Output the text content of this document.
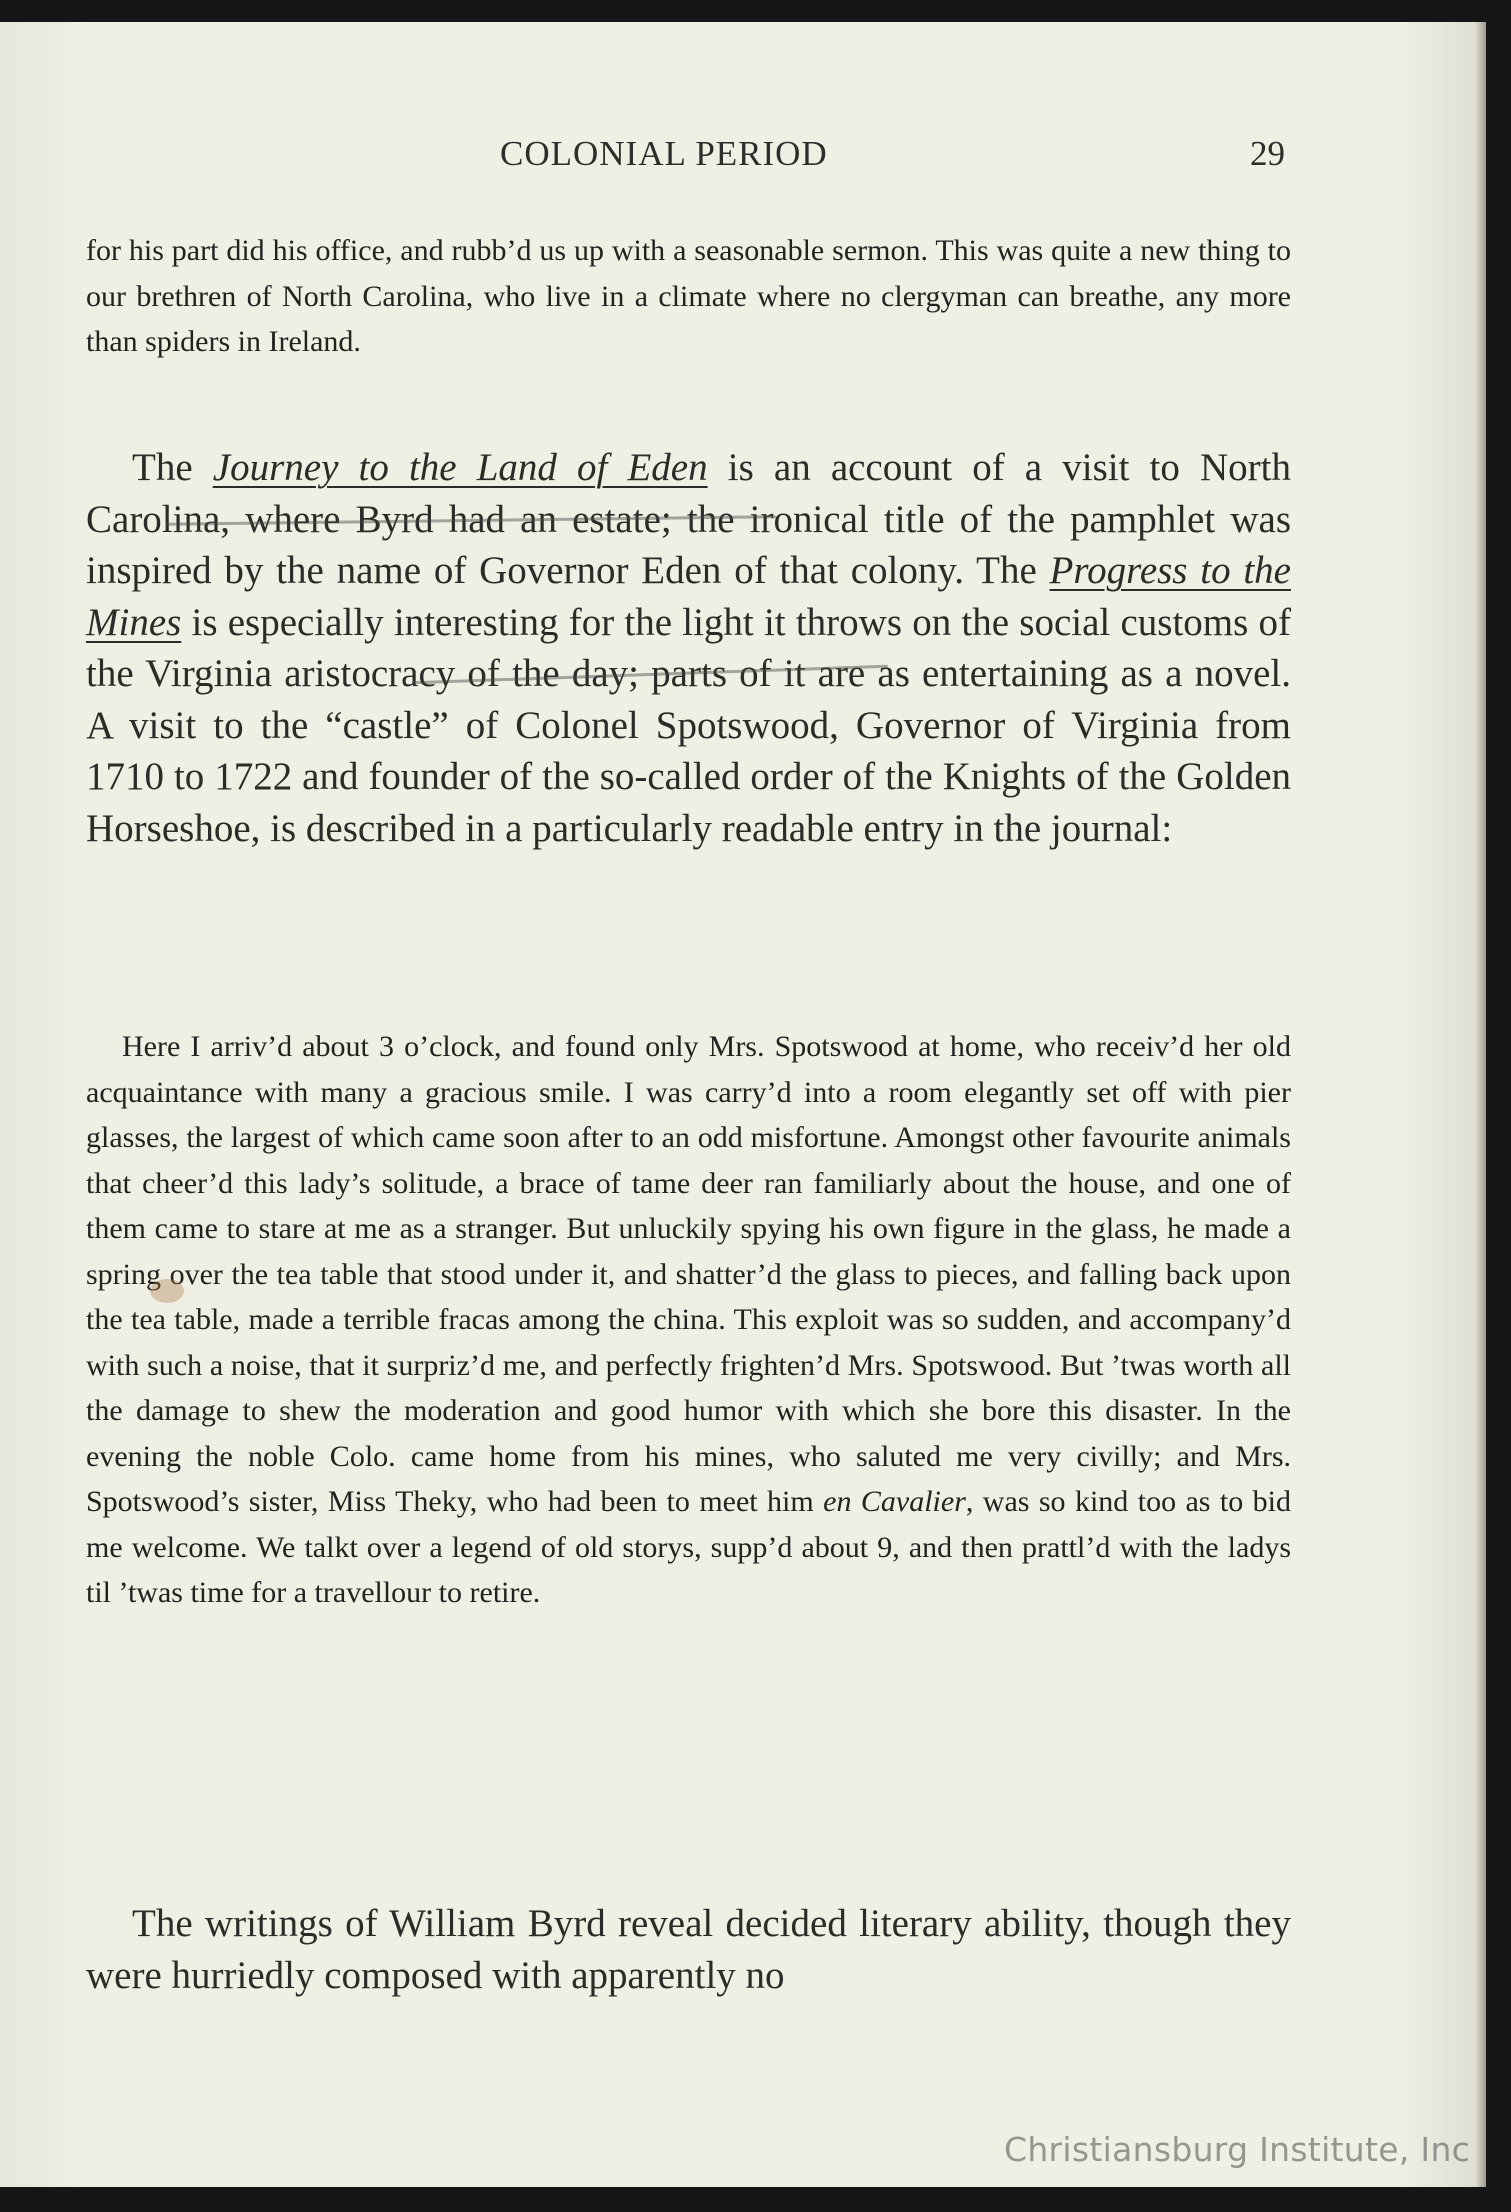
COLONIAL PERIOD	29
for his part did his office, and rubb’d us up with a seasonable sermon. This was quite a new thing to our brethren of North Carolina, who live in a climate where no clergyman can breathe, any more than spiders in Ireland.
The Journey to the Land of Eden is an account of a visit to North Carolina, where Byrd had an estate; the ironical title of the pamphlet was inspired by the name of Governor Eden of that colony. The Progress to the Mines is especially interesting for the light it throws on the social customs of the Virginia aristocracy of the day; parts of it are as entertaining as a novel. A visit to the “castle” of Colonel Spotswood, Governor of Virginia from 1710 to 1722 and founder of the so-called order of the Knights of the Golden Horseshoe, is described in a particularly readable entry in the journal:
Here I arriv’d about 3 o’clock, and found only Mrs. Spotswood at home, who receiv’d her old acquaintance with many a gracious smile. I was carry’d into a room elegantly set off with pier glasses, the largest of which came soon after to an odd misfortune. Amongst other favourite animals that cheer’d this lady’s solitude, a brace of tame deer ran familiarly about the house, and one of them came to stare at me as a stranger. But unluckily spying his own figure in the glass, he made a spring over the tea table that stood under it, and shatter’d the glass to pieces, and falling back upon the tea table, made a terrible fracas among the china. This exploit was so sudden, and accompany’d with such a noise, that it surpriz’d me, and perfectly frighten’d Mrs. Spotswood. But ’twas worth all the damage to shew the moderation and good humor with which she bore this disaster. In the evening the noble Colo. came home from his mines, who saluted me very civilly; and Mrs. Spotswood’s sister, Miss Theky, who had been to meet him en Cavalier, was so kind too as to bid me welcome. We talkt over a legend of old storys, supp’d about 9, and then prattl’d with the ladys til ’twas time for a travellour to retire.
The writings of William Byrd reveal decided literary ability, though they were hurriedly composed with apparently no
Christiansburg Institute, Inc
